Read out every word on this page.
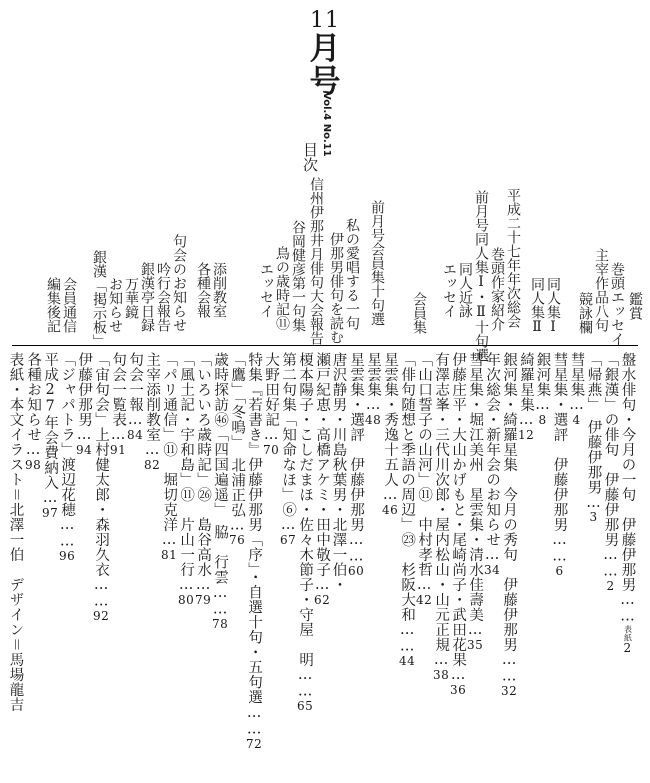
11
月
号
Vol.4 No.11
目次
鑑賞
巻頭エッセイ
主宰作品八句
競詠欄
同人集Ⅰ
同人集Ⅱ
平成二十七年年次総会
巻頭作家紹介
前月号同人集Ⅰ・Ⅱ十句選
同人近詠
エッセイ
会員集
前月号会員集十句選
私の愛唱する一句
伊那男俳句を読む
信州伊那井月俳句大会報告
谷岡健彦第一句集
鳥の歳時記⑪
エッセイ
添削教室
各種会報
句会のお知らせ
吟行会報告
銀漢亭日録
万華鏡
お知らせ
銀漢「掲示板」
会員通信
編集後記
盤水俳句・今月の一句　伊藤伊那男……表紙2
「銀漢」の俳句　伊藤伊那男……2
「帰燕」　伊藤伊那男…3
彗星集…4
彗星集・選評　伊藤伊那男……6
銀河集…8
綺羅星集…12
銀河集・綺羅星集　今月の秀句　伊藤伊那男……32
年次総会・新年会のお知らせ…34
彗星集・堀江美州　星雲集・清水佳壽美…35
伊藤庄平・大山かげもと・尾崎尚子・武田花果…36
有澤志峯・三代川次郎・屋内松山・山元正規…38
「山口誓子の山河」⑪　中村孝哲…42
「俳句随想と季語の周辺」㉓　杉阪大和……44
星雲集・秀逸十五人…46
星雲集…48
星雲集・選評　伊藤伊那男……60
唐沢静男・川島秋葉男・北澤一伯・
瀬戸紀恵・高橋アケミ・田中敬子…62
榎本陽子・こしだまほ・佐々木節子・守屋　明……65
第二句集「知命なほ」⑥…67
大野田好記…70
特集『若書き』伊藤伊那男「序」・自選十句・五句選……72
「鷹」「冬鳴」　北浦正弘…76
歳時探訪㊻「四国遍遥」　脇　行雲……78
「いろいろ歳時記」㉖　島谷高水…79
「風土記・宇和島」⑪　片山一行…80
「パリ通信」⑪　堀切克洋…81
主宰添削教室…82
句会一報…84
句会一覧表…91
「宙句会」上村健太郎・森羽久衣……92
伊藤伊那男…94
「ジャパトラ」渡辺花穂……96
平成27年会費納入…97
各種お知らせ…98
表紙・本文イラスト＝北澤一伯　デザイン＝馬場龍吉
